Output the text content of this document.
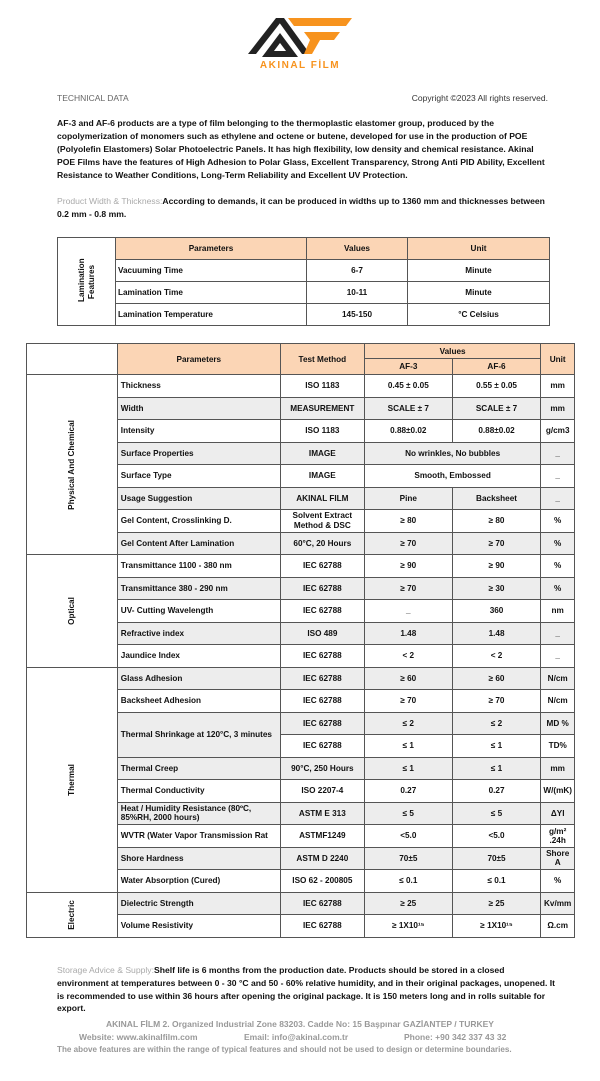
AKINAL FİLM
TECHNICAL DATA	Copyright ©2023 All rights reserved.
AF-3 and AF-6 products are a type of film belonging to the thermoplastic elastomer group, produced by the copolymerization of monomers such as ethylene and octene or butene, developed for use in the production of POE (Polyolefin Elastomers) Solar Photoelectric Panels. It has high flexibility, low density and chemical resistance. Akinal POE Films have the features of High Adhesion to Polar Glass, Excellent Transparency, Strong Anti PID Ability, Excellent Resistance to Weather Conditions, Long-Term Reliability and Excellent UV Protection.
Product Width & Thickness:According to demands, it can be produced in widths up to 1360 mm and thicknesses between 0.2 mm - 0.8 mm.
Lamination Features	Parameters	Values	Unit
	Vacuuming Time	6-7	Minute
	Lamination Time	10-11	Minute
	Lamination Temperature	145-150	°C Celsius
	Parameters	Test Method	Values		Unit
			AF-3	AF-6	

Physical And Chemical	Thickness	ISO 1183	0.45 ± 0.05	0.55 ± 0.05	mm
	Width	MEASUREMENT	SCALE ± 7	SCALE ± 7	mm
	Intensity	ISO 1183	0.88±0.02	0.88±0.02	g/cm3
	Surface Properties	IMAGE	No wrinkles, No bubbles		_
	Surface Type	IMAGE	Smooth, Embossed		_
	Usage Suggestion	AKINAL FILM	Pine	Backsheet	_
	Gel Content, Crosslinking D.	Solvent Extract Method & DSC	≥ 80	≥ 80	%
	Gel Content After Lamination	60°C, 20 Hours	≥ 70	≥ 70	%

Optical	Transmittance 1100 - 380 nm	IEC 62788	≥ 90	≥ 90	%
	Transmittance 380 - 290 nm	IEC 62788	≥ 70	≥ 30	%
	UV- Cutting Wavelength	IEC 62788	_	360	nm
	Refractive index	ISO 489	1.48	1.48	_
	Jaundice Index	IEC 62788	< 2	< 2	_

Thermal	Glass Adhesion	IEC 62788	≥ 60	≥ 60	N/cm
	Backsheet Adhesion	IEC 62788	≥ 70	≥ 70	N/cm
	Thermal Shrinkage at 120°C, 3 minutes	IEC 62788	≤ 2	≤ 2	MD %
		IEC 62788	≤ 1	≤ 1	TD%
	Thermal Creep	90°C, 250 Hours	≤ 1	≤ 1	mm
	Thermal Conductivity	ISO 2207-4	0.27	0.27	W/(mK)
	Heat / Humidity Resistance (80ºC, 85%RH, 2000 hours)	ASTM E 313	≤ 5	≤ 5	ΔYI
	WVTR (Water Vapor Transmission Rat	ASTMF1249	<5.0	<5.0	g/m² .24h
	Shore Hardness	ASTM D 2240	70±5	70±5	Shore A
	Water Absorption (Cured)	ISO 62 - 200805	≤ 0.1	≤ 0.1	%

Electric	Dielectric Strength	IEC 62788	≥ 25	≥ 25	Kv/mm
	Volume Resistivity	IEC 62788	≥ 1X10¹⁵	≥ 1X10¹⁵	Ω.cm
Storage Advice & Supply:Shelf life is 6 months from the production date. Products should be stored in a closed environment at temperatures between 0 - 30 °C and 50 - 60% relative humidity, and in their original packages, unopened. It is recommended to use within 36 hours after opening the original package. It is 150 meters long and in rolls suitable for export.
AKINAL FİLM 2. Organized Industrial Zone 83203. Cadde No: 15 Başpınar GAZİANTEP / TURKEY
Website: www.akinalfilm.com	Email: info@akinal.com.tr	Phone: +90 342 337 43 32
The above features are within the range of typical features and should not be used to design or determine boundaries.
